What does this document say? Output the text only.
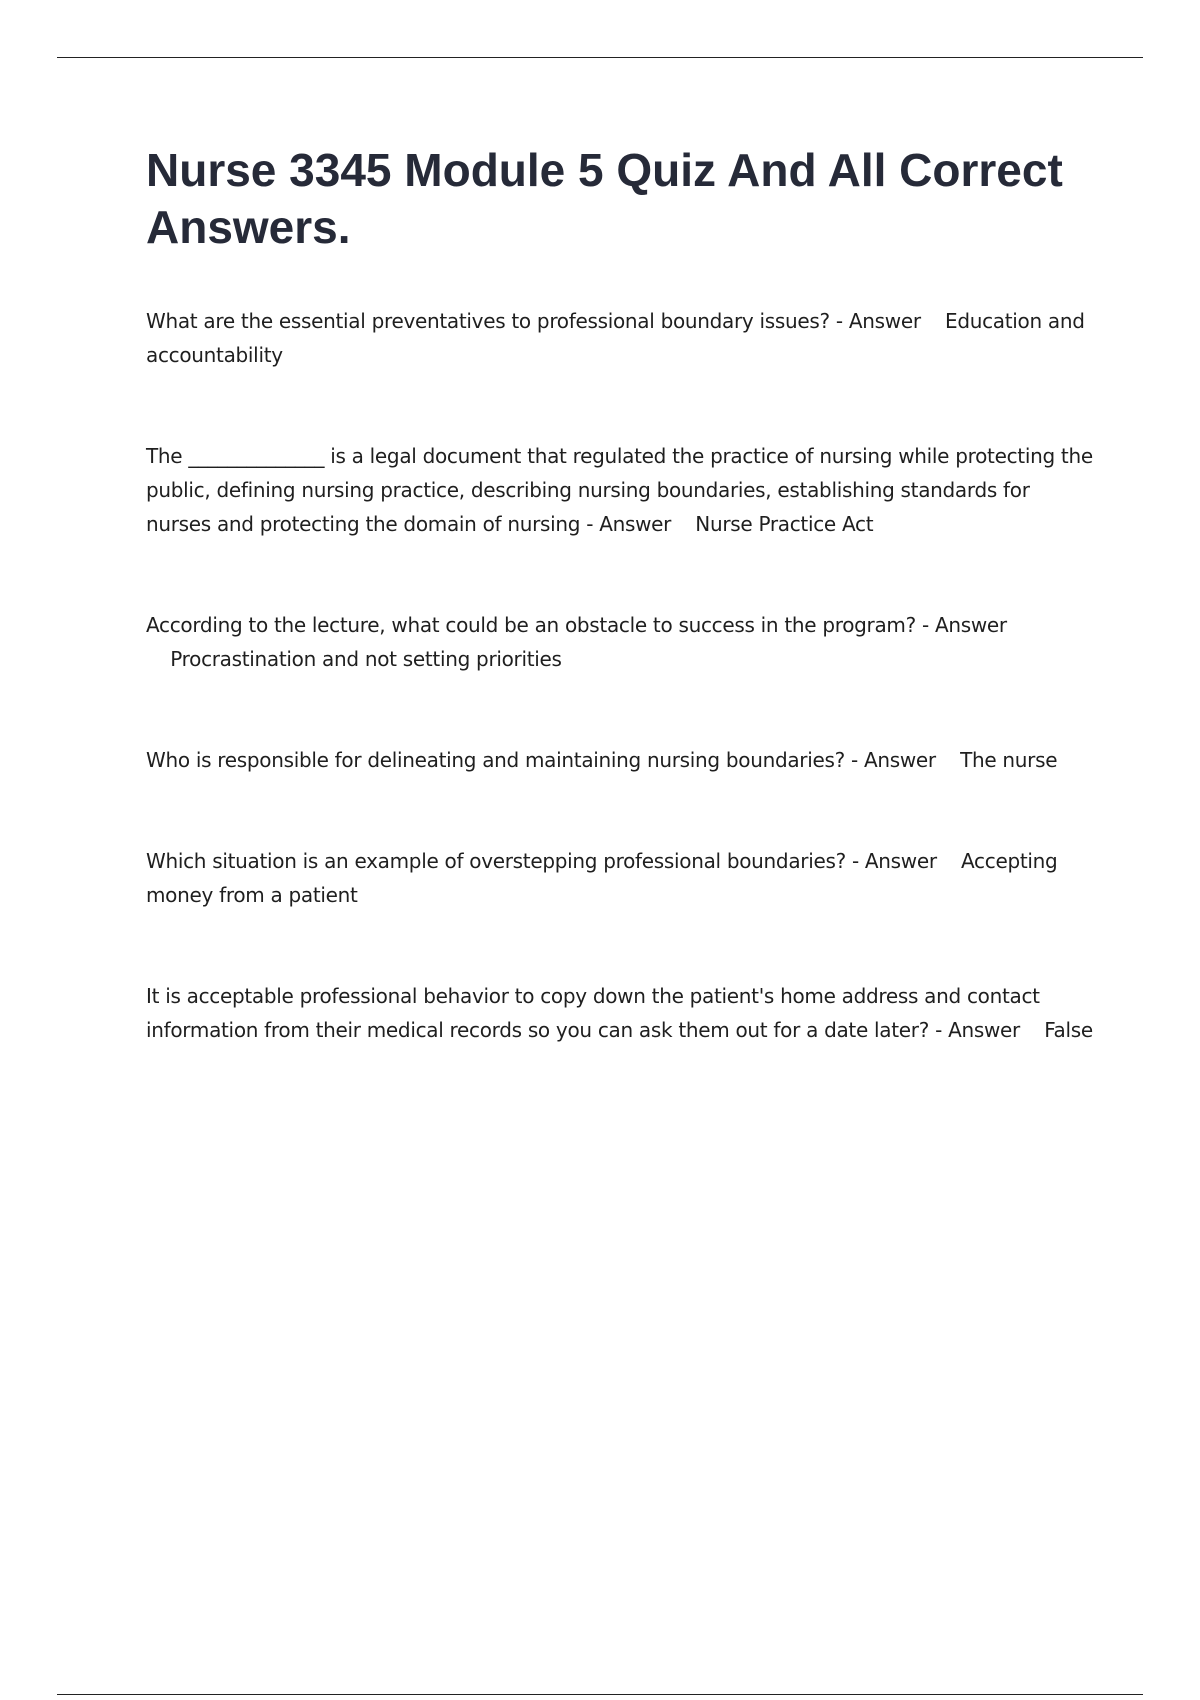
Nurse 3345 Module 5 Quiz And All Correct Answers.

What are the essential preventatives to professional boundary issues? - Answer Education and accountability

The ______________ is a legal document that regulated the practice of nursing while protecting the public, defining nursing practice, describing nursing boundaries, establishing standards for nurses and protecting the domain of nursing - Answer Nurse Practice Act

According to the lecture, what could be an obstacle to success in the program? - Answer    Procrastination and not setting priorities

Who is responsible for delineating and maintaining nursing boundaries? - Answer The nurse

Which situation is an example of overstepping professional boundaries? - Answer Accepting money from a patient

It is acceptable professional behavior to copy down the patient's home address and contact information from their medical records so you can ask them out for a date later? - Answer False
